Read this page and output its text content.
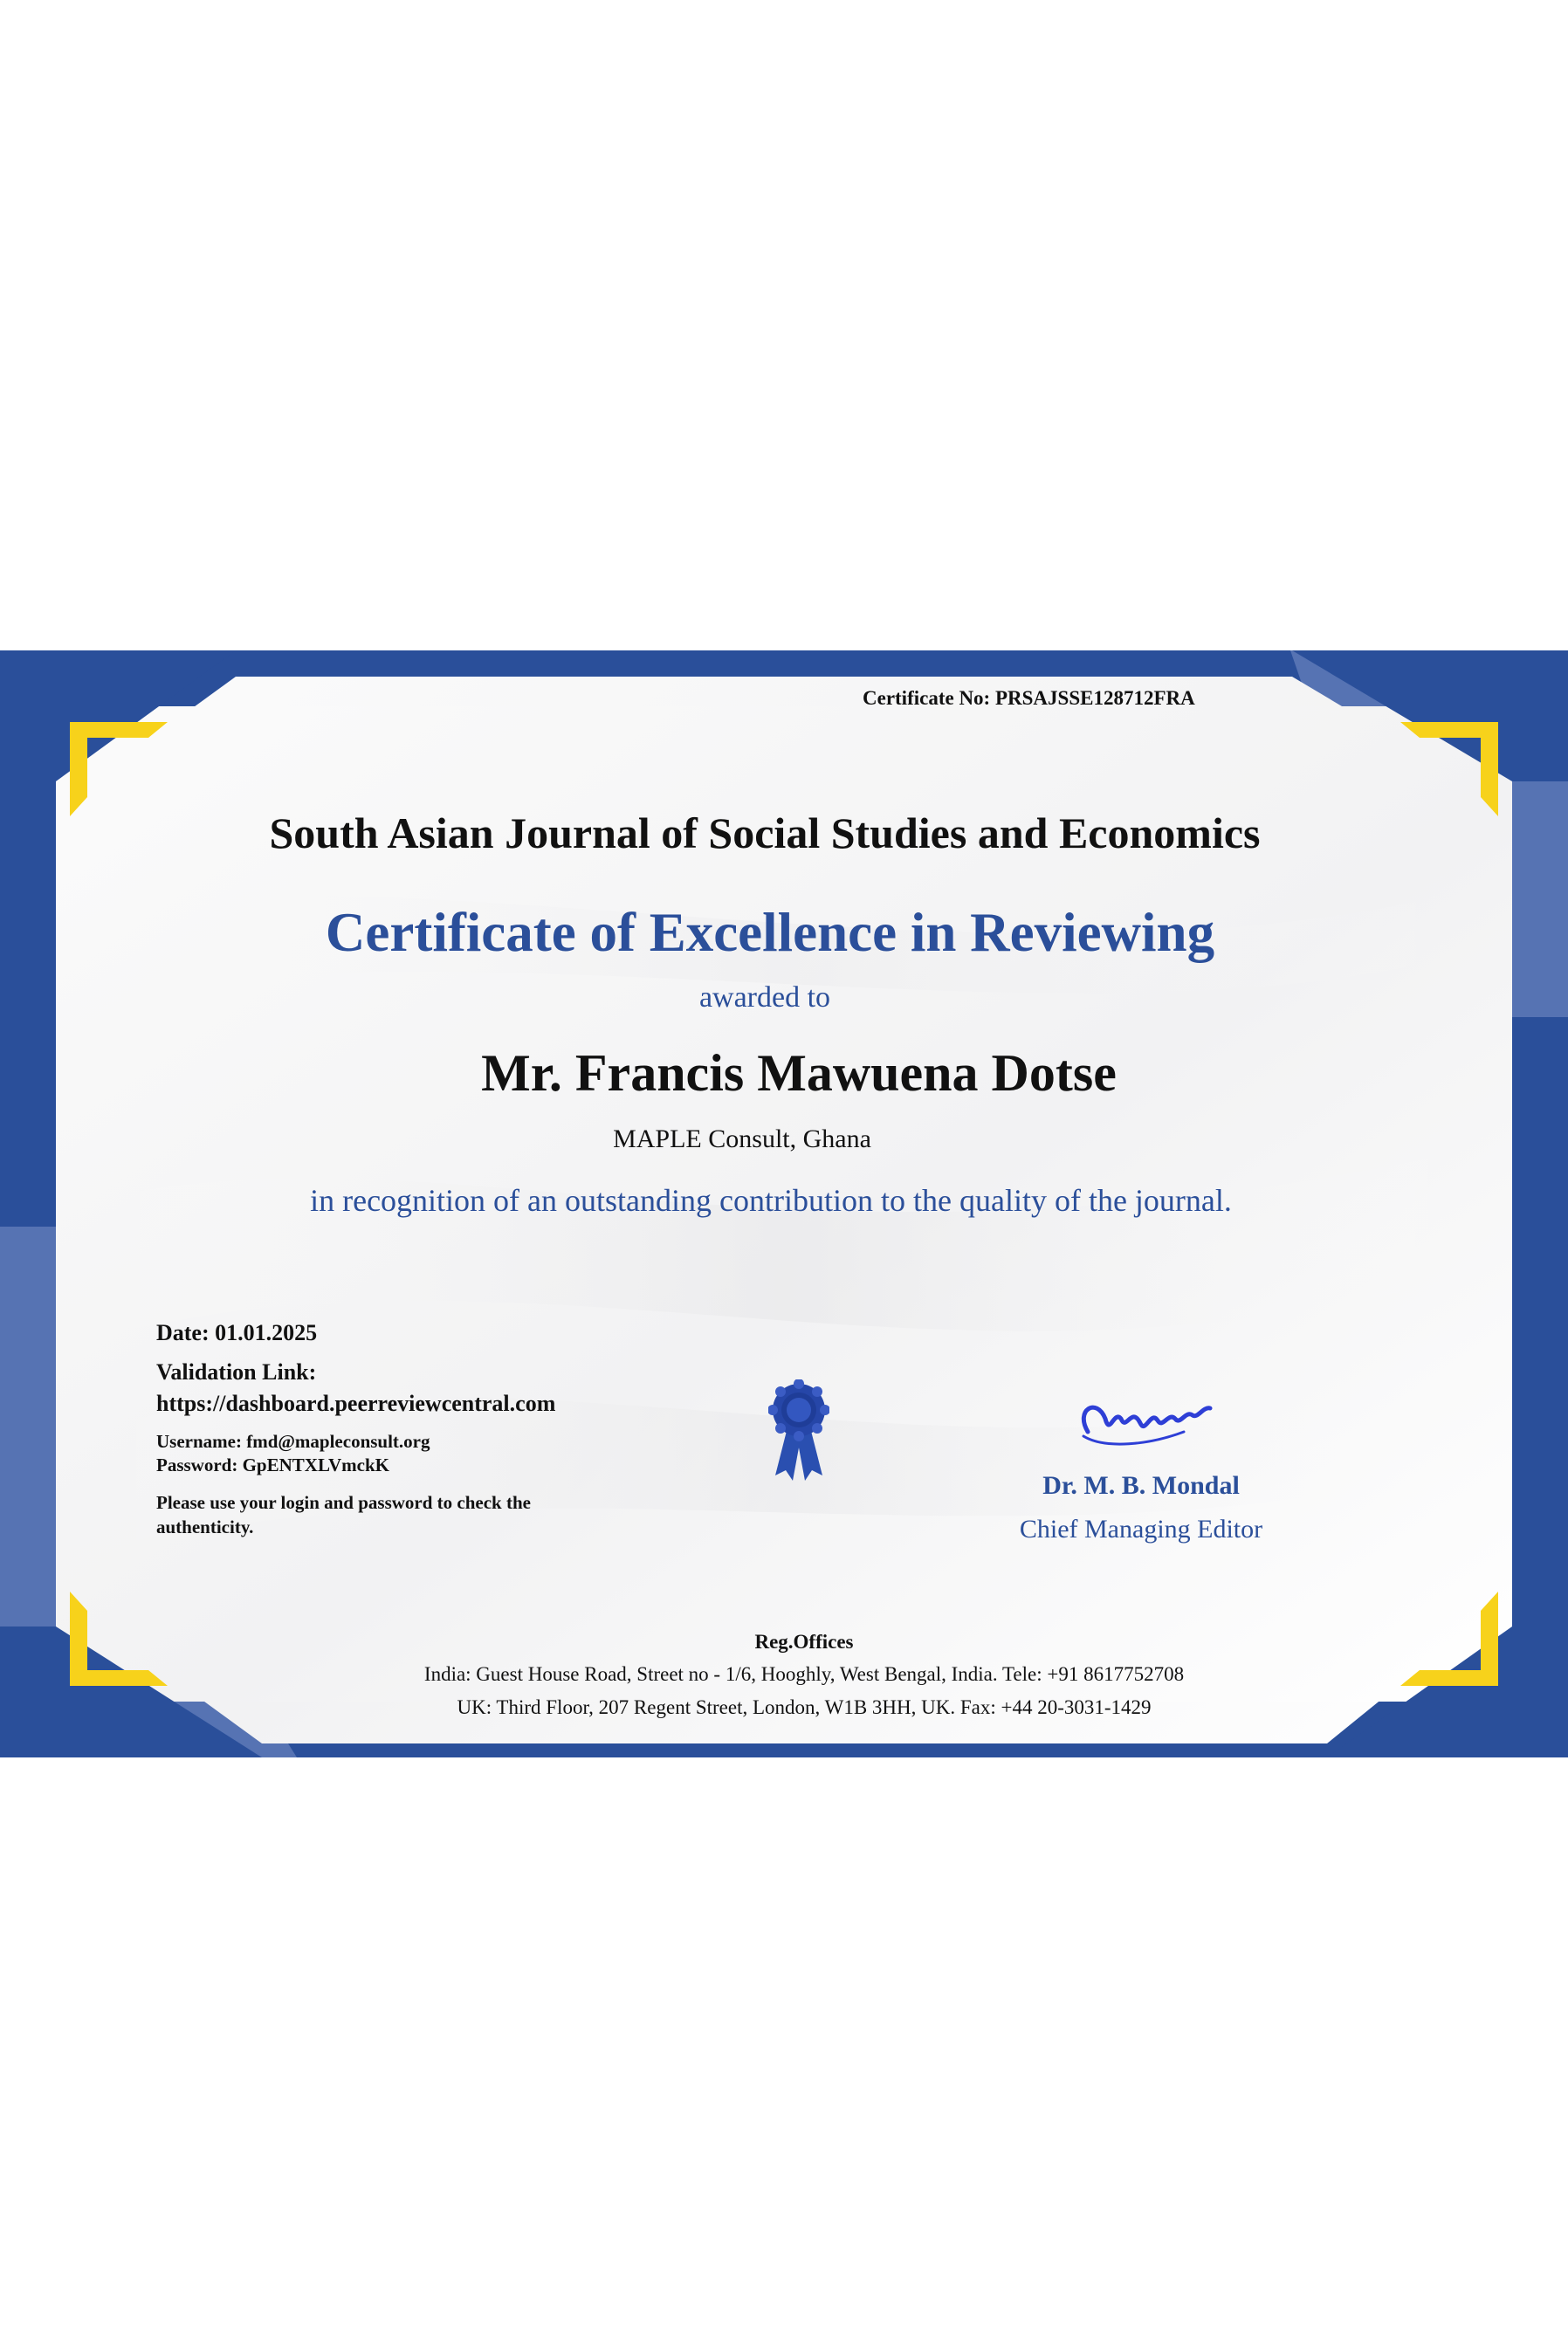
Certificate No: PRSAJSSE128712FRA
South Asian Journal of Social Studies and Economics
Certificate of Excellence in Reviewing
awarded to
Mr. Francis Mawuena Dotse
MAPLE Consult, Ghana
in recognition of an outstanding contribution to the quality of the journal.
Date: 01.01.2025
Validation Link:
https://dashboard.peerreviewcentral.com
Username: fmd@mapleconsult.org
Password: GpENTXLVmckK
Please use your login and password to check the authenticity.
Dr. M. B. Mondal
Chief Managing Editor
Reg.Offices
India: Guest House Road, Street no - 1/6, Hooghly, West Bengal, India. Tele: +91 8617752708
UK: Third Floor, 207 Regent Street, London, W1B 3HH, UK. Fax: +44 20-3031-1429
